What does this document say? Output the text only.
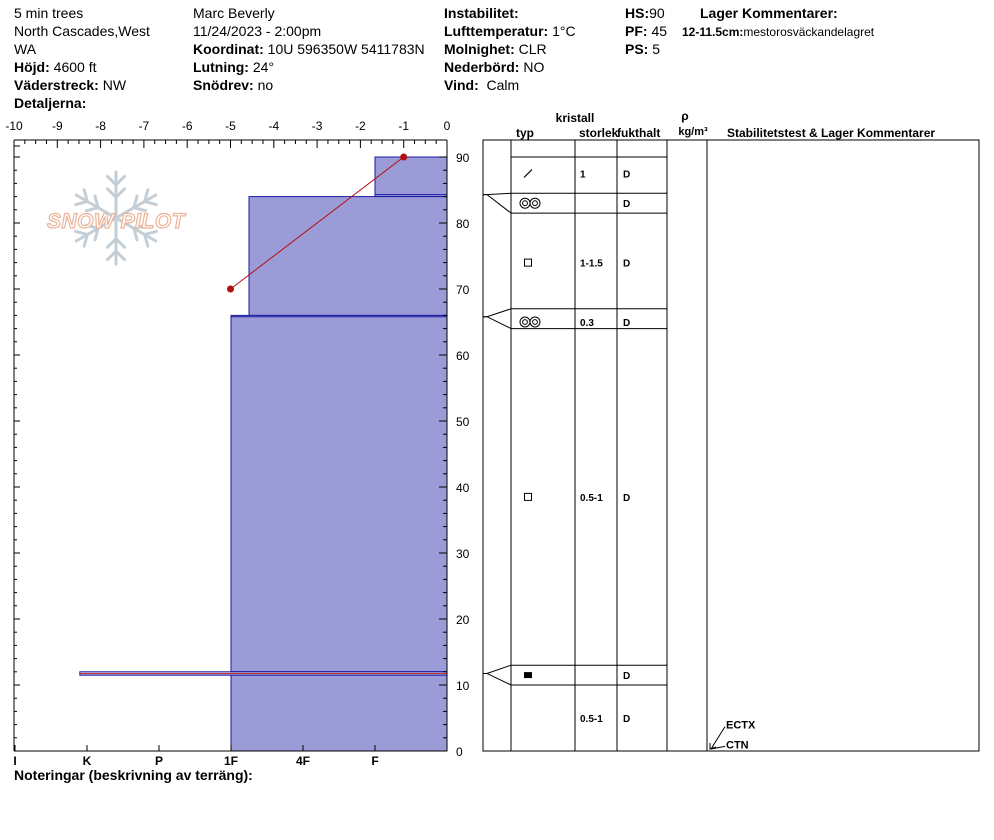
5 min trees
North Cascades,West
WA
Höjd: 4600 ft
Väderstreck: NW
Detaljerna:
Marc Beverly
11/24/2023 - 2:00pm
Koordinat: 10U 596350W 5411783N
Lutning: 24°
Snödrev: no
Instabilitet:
Lufttemperatur: 1°C
Molnighet: CLR
Nederbörd: NO
Vind: Calm
HS:90
PF: 45
PS: 5
Lager Kommentarer:
12-11.5cm:mestorosväckandelagret
SNOW PILOT
-10 -9	-8	-7	-6	-5	-4	-3	-2	-1	0
0
10
20
30
40
50
60
70
80
90
I	K	P	1F	4F	F
kristall
typ	storlek
fukthalt
ρ
kg/m³ Stabilitetstest & Lager Kommentarer
1	D
D
1-1.5 D
0.3	D
0.5-1 D
D
0.5-1 D
ECTX
CTN
Noteringar (beskrivning av terräng):
